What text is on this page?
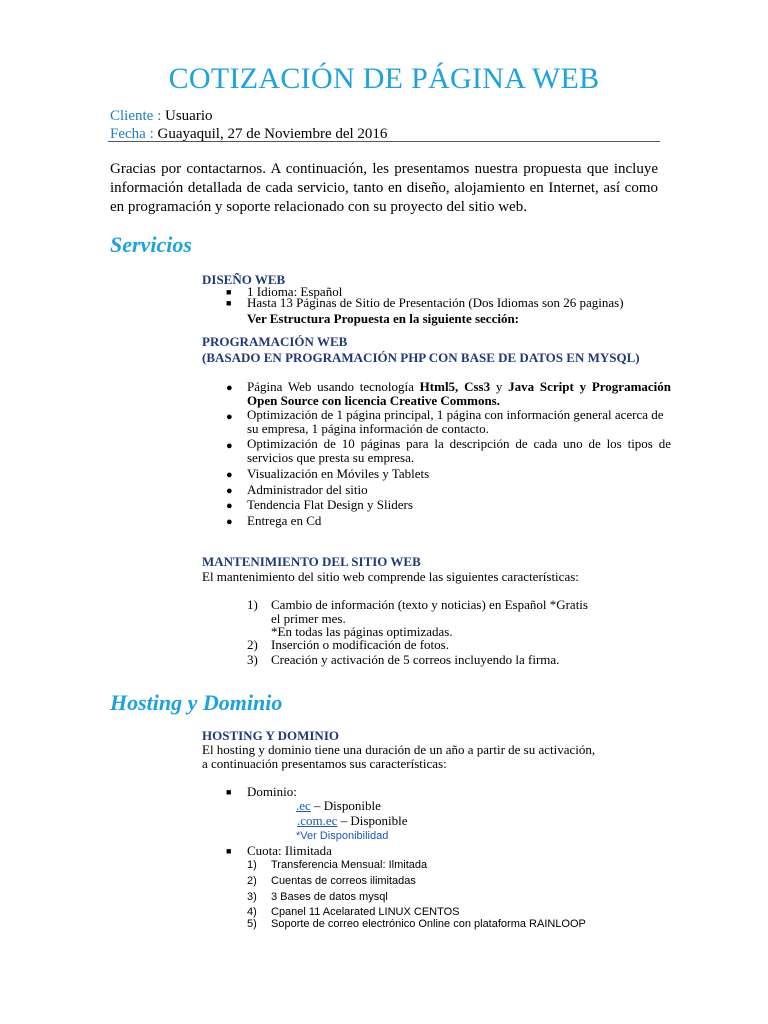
COTIZACIÓN DE PÁGINA WEB
Cliente : Usuario
Fecha : Guayaquil, 27 de Noviembre del 2016
Gracias por contactarnos. A continuación, les presentamos nuestra propuesta que incluye información detallada de cada servicio, tanto en diseño, alojamiento en Internet, así como en programación y soporte relacionado con su proyecto del sitio web.
Servicios
DISEÑO WEB
■ 1 Idioma: Español
■ Hasta 13 Páginas de Sitio de Presentación (Dos Idiomas son 26 paginas)
Ver Estructura Propuesta en la siguiente sección:
PROGRAMACIÓN WEB
(BASADO EN PROGRAMACIÓN PHP CON BASE DE DATOS EN MYSQL)
● Página Web usando tecnología Html5, Css3 y Java Script y Programación Open Source con licencia Creative Commons.
● Optimización de 1 página principal, 1 página con información general acerca de su empresa, 1 página información de contacto.
● Optimización de 10 páginas para la descripción de cada uno de los tipos de servicios que presta su empresa.
● Visualización en Móviles y Tablets
● Administrador del sitio
● Tendencia Flat Design y Sliders
● Entrega en Cd
MANTENIMIENTO DEL SITIO WEB
El mantenimiento del sitio web comprende las siguientes características:
1) Cambio de información (texto y noticias) en Español *Gratis
el primer mes.
*En todas las páginas optimizadas.
2) Inserción o modificación de fotos.
3) Creación y activación de 5 correos incluyendo la firma.
Hosting y Dominio
HOSTING Y DOMINIO
El hosting y dominio tiene una duración de un año a partir de su activación,
a continuación presentamos sus características:
■ Dominio:
.ec – Disponible
.com.ec – Disponible
*Ver Disponibilidad
■ Cuota: Ilimitada
1) Transferencia Mensual: Ilmitada
2) Cuentas de correos ilimitadas
3) 3 Bases de datos mysql
4) Cpanel 11 Acelarated LINUX CENTOS
5) Soporte de correo electrónico Online con plataforma RAINLOOP
